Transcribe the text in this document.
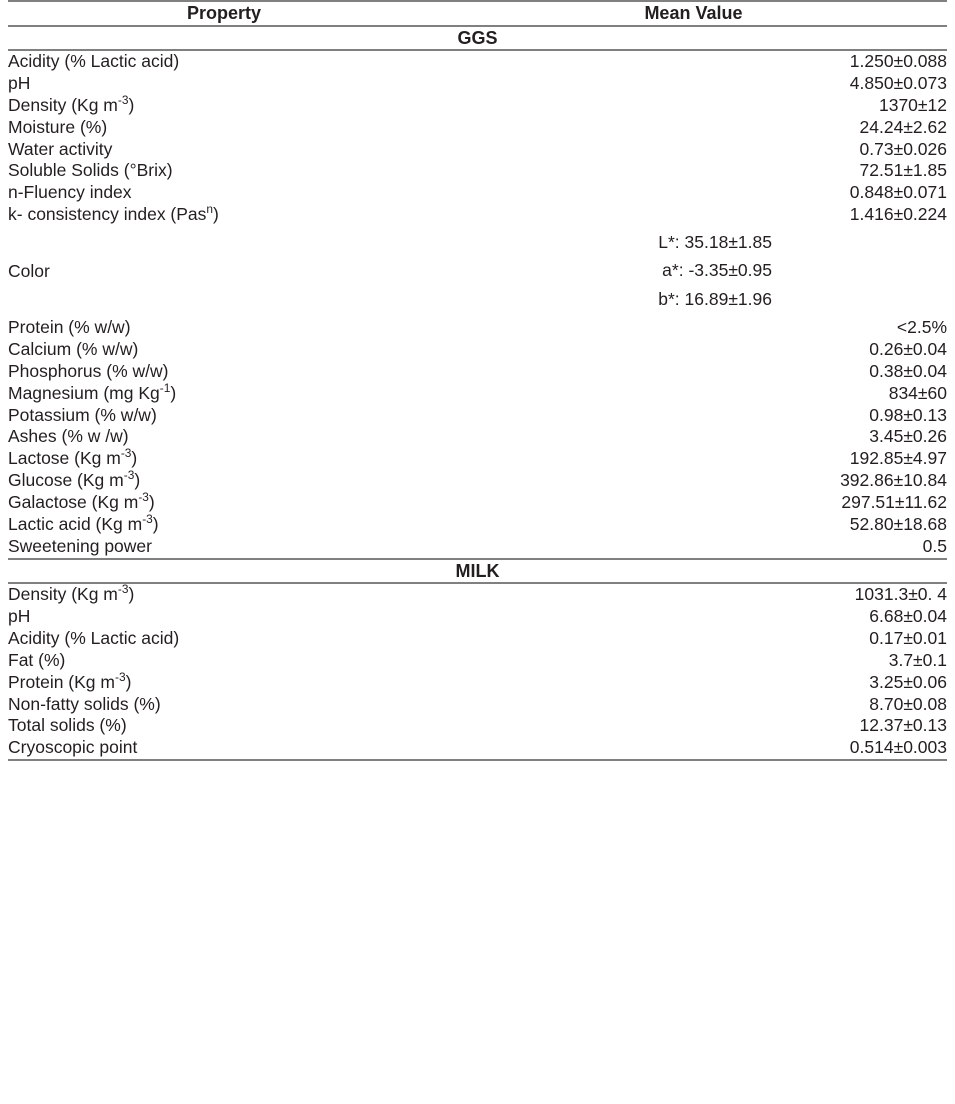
Property	Mean Value
GGS	
Acidity (% Lactic acid)	1.250±0.088
pH	4.850±0.073
Density (Kg $m^{-3}$)	1370±12
Moisture (%)	24.24±2.62
Water activity	0.73±0.026
Soluble Solids (°Brix)	72.51±1.85
n-Fluency index	0.848±0.071
k- consistency index (Pas$^n$)	1.416±0.224
Color	L*: 35.18±1.85
a*: -3.35±0.95
b*: 16.89±1.96

Protein (% w/w)	<2.5%
Calcium (% w/w)	0.26±0.04
Phosphorus (% w/w)	0.38±0.04
Magnesium (mg $Kg^{-1}$)	834±60
Potassium (% w/w)	0.98±0.13
Ashes (% w /w)	3.45±0.26
Lactose (Kg $m^{-3}$)	192.85±4.97
Glucose (Kg $m^{-3}$)	392.86±10.84
Galactose (Kg $m^{-3}$)	297.51±11.62
Lactic acid (Kg $m^{-3}$)	52.80±18.68
Sweetening power	0.5
MILK	
Density (Kg $m^{-3}$)	1031.3±0. 4
pH	6.68±0.04
Acidity (% Lactic acid)	0.17±0.01
Fat (%)	3.7±0.1
Protein (Kg $m^{-3}$)	3.25±0.06
Non-fatty solids (%)	8.70±0.08
Total solids (%)	12.37±0.13
Cryoscopic point	0.514±0.003
